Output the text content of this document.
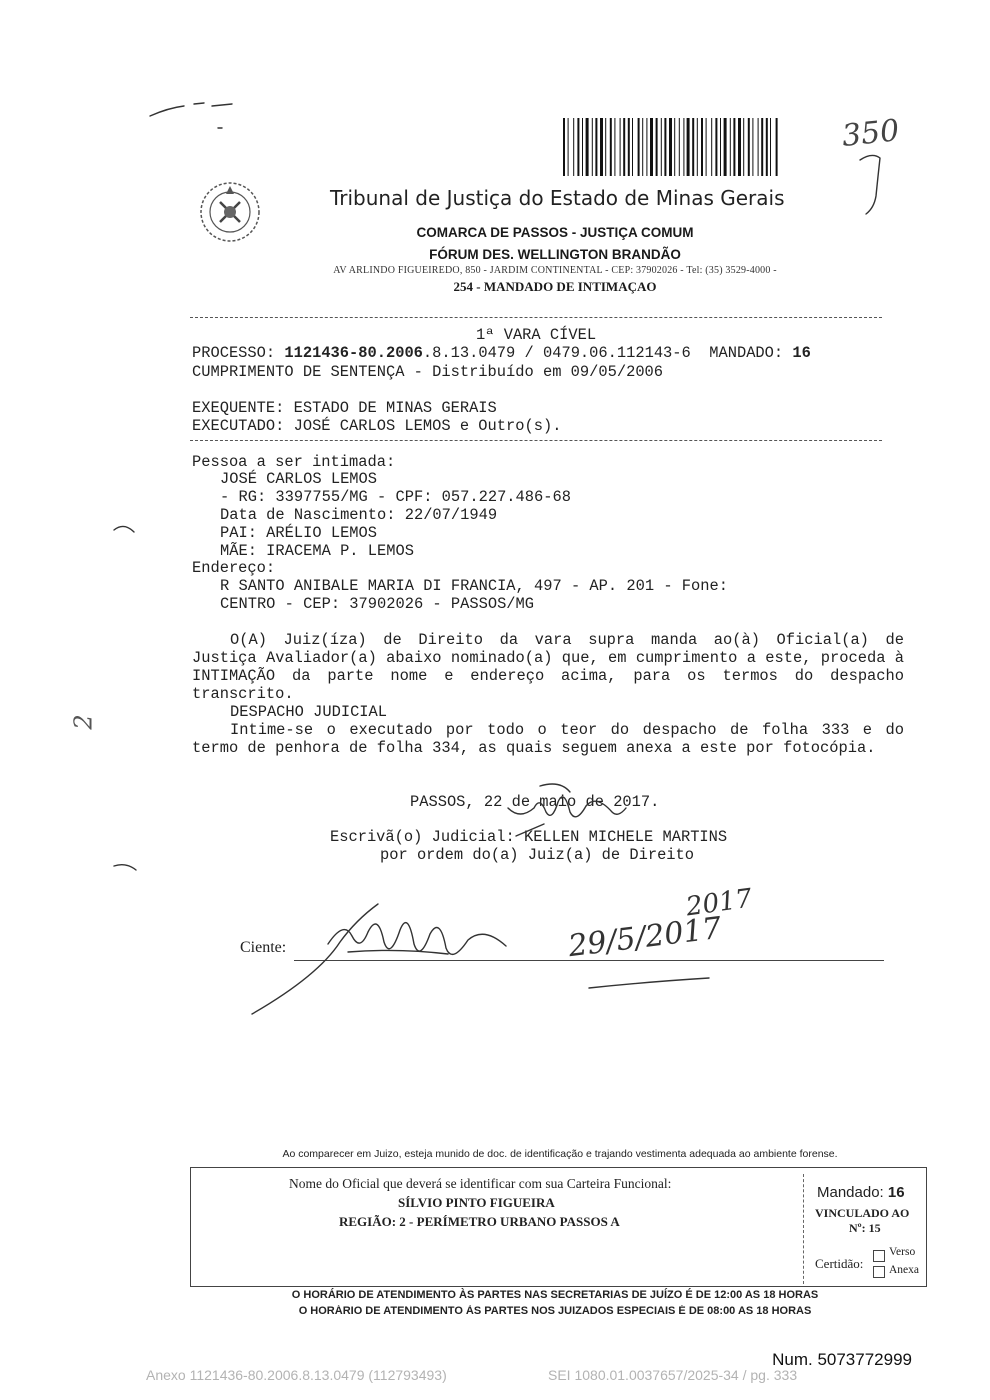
350
Tribunal de Justiça do Estado de Minas Gerais
COMARCA DE PASSOS - JUSTIÇA COMUM
FÓRUM DES. WELLINGTON BRANDÃO
AV ARLINDO FIGUEIREDO, 850 - JARDIM CONTINENTAL - CEP: 37902026 - Tel: (35) 3529-4000 -
254 - MANDADO DE INTIMAÇAO
1ª VARA CÍVEL
PROCESSO: 1121436-80.2006.8.13.0479 / 0479.06.112143-6 MANDADO: 16
CUMPRIMENTO DE SENTENÇA - Distribuído em 09/05/2006
EXEQUENTE: ESTADO DE MINAS GERAIS
EXECUTADO: JOSÉ CARLOS LEMOS e Outro(s).
Pessoa a ser intimada:
JOSÉ CARLOS LEMOS
- RG: 3397755/MG - CPF: 057.227.486-68
Data de Nascimento: 22/07/1949
PAI: ARÉLIO LEMOS
MÃE: IRACEMA P. LEMOS
Endereço:
R SANTO ANIBALE MARIA DI FRANCIA, 497 - AP. 201 - Fone:
CENTRO - CEP: 37902026 - PASSOS/MG
O(A) Juiz(íza) de Direito da vara supra manda ao(à) Oficial(a) de Justiça Avaliador(a) abaixo nominado(a) que, em cumprimento a este, proceda à INTIMAÇÃO da parte nome e endereço acima, para os termos do despacho transcrito.
DESPACHO JUDICIAL
Intime-se o executado por todo o teor do despacho de folha 333 e do termo de penhora de folha 334, as quais seguem anexa a este por fotocópia.
PASSOS, 22 de maio de 2017.
Escrivã(o) Judicial: KELLEN MICHELE MARTINS
por ordem do(a) Juiz(a) de Direito
Ciente:
2017
29/5/2017
2
Ao comparecer em Juizo, esteja munido de doc. de identificação e trajando vestimenta adequada ao ambiente forense.
Nome do Oficial que deverá se identificar com sua Carteira Funcional:
SÍLVIO PINTO FIGUEIRA
REGIÃO: 2 - PERÍMETRO URBANO PASSOS A
Mandado: 16
VINCULADO AO
Nº: 15
Certidão:
Verso
Anexa
O HORÁRIO DE ATENDIMENTO ÀS PARTES NAS SECRETARIAS DE JUÍZO É DE 12:00 AS 18 HORAS
O HORÁRIO DE ATENDIMENTO ÀS PARTES NOS JUIZADOS ESPECIAIS É DE 08:00 AS 18 HORAS
Num. 5073772999
Anexo 1121436-80.2006.8.13.0479 (112793493)	SEI 1080.01.0037657/2025-34 / pg. 333
